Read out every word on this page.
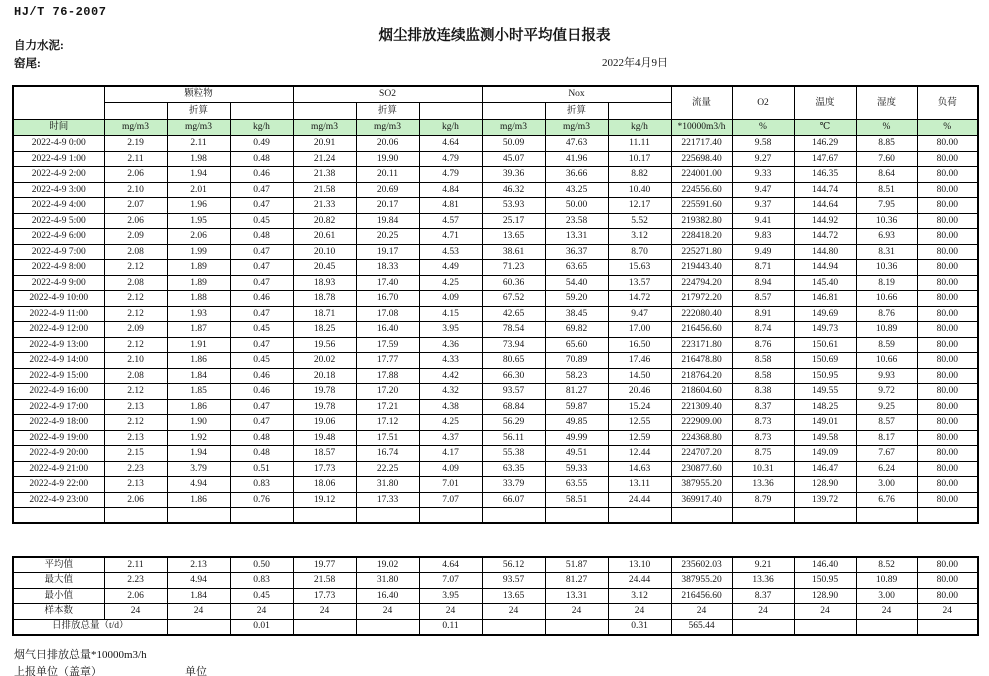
HJ/T 76-2007
烟尘排放连续监测小时平均值日报表
自力水泥:
窑尾:	2022年4月9日
	颗粒物			SO2			Nox			流量	O2	温度	湿度	负荷
		折算			折算			折算						
时间	mg/m3	mg/m3	kg/h	mg/m3	mg/m3	kg/h	mg/m3	mg/m3	kg/h	*10000m3/h	%	℃	%	%
2022-4-9 0:00	2.19	2.11	0.49	20.91	20.06	4.64	50.09	47.63	11.11	221717.40	9.58	146.29	8.85	80.00
2022-4-9 1:00	2.11	1.98	0.48	21.24	19.90	4.79	45.07	41.96	10.17	225698.40	9.27	147.67	7.60	80.00
2022-4-9 2:00	2.06	1.94	0.46	21.38	20.11	4.79	39.36	36.66	8.82	224001.00	9.33	146.35	8.64	80.00
2022-4-9 3:00	2.10	2.01	0.47	21.58	20.69	4.84	46.32	43.25	10.40	224556.60	9.47	144.74	8.51	80.00
2022-4-9 4:00	2.07	1.96	0.47	21.33	20.17	4.81	53.93	50.00	12.17	225591.60	9.37	144.64	7.95	80.00
2022-4-9 5:00	2.06	1.95	0.45	20.82	19.84	4.57	25.17	23.58	5.52	219382.80	9.41	144.92	10.36	80.00
2022-4-9 6:00	2.09	2.06	0.48	20.61	20.25	4.71	13.65	13.31	3.12	228418.20	9.83	144.72	6.93	80.00
2022-4-9 7:00	2.08	1.99	0.47	20.10	19.17	4.53	38.61	36.37	8.70	225271.80	9.49	144.80	8.31	80.00
2022-4-9 8:00	2.12	1.89	0.47	20.45	18.33	4.49	71.23	63.65	15.63	219443.40	8.71	144.94	10.36	80.00
2022-4-9 9:00	2.08	1.89	0.47	18.93	17.40	4.25	60.36	54.40	13.57	224794.20	8.94	145.40	8.19	80.00
2022-4-9 10:00	2.12	1.88	0.46	18.78	16.70	4.09	67.52	59.20	14.72	217972.20	8.57	146.81	10.66	80.00
2022-4-9 11:00	2.12	1.93	0.47	18.71	17.08	4.15	42.65	38.45	9.47	222080.40	8.91	149.69	8.76	80.00
2022-4-9 12:00	2.09	1.87	0.45	18.25	16.40	3.95	78.54	69.82	17.00	216456.60	8.74	149.73	10.89	80.00
2022-4-9 13:00	2.12	1.91	0.47	19.56	17.59	4.36	73.94	65.60	16.50	223171.80	8.76	150.61	8.59	80.00
2022-4-9 14:00	2.10	1.86	0.45	20.02	17.77	4.33	80.65	70.89	17.46	216478.80	8.58	150.69	10.66	80.00
2022-4-9 15:00	2.08	1.84	0.46	20.18	17.88	4.42	66.30	58.23	14.50	218764.20	8.58	150.95	9.93	80.00
2022-4-9 16:00	2.12	1.85	0.46	19.78	17.20	4.32	93.57	81.27	20.46	218604.60	8.38	149.55	9.72	80.00
2022-4-9 17:00	2.13	1.86	0.47	19.78	17.21	4.38	68.84	59.87	15.24	221309.40	8.37	148.25	9.25	80.00
2022-4-9 18:00	2.12	1.90	0.47	19.06	17.12	4.25	56.29	49.85	12.55	222909.00	8.73	149.01	8.57	80.00
2022-4-9 19:00	2.13	1.92	0.48	19.48	17.51	4.37	56.11	49.99	12.59	224368.80	8.73	149.58	8.17	80.00
2022-4-9 20:00	2.15	1.94	0.48	18.57	16.74	4.17	55.38	49.51	12.44	224707.20	8.75	149.09	7.67	80.00
2022-4-9 21:00	2.23	3.79	0.51	17.73	22.25	4.09	63.35	59.33	14.63	230877.60	10.31	146.47	6.24	80.00
2022-4-9 22:00	2.13	4.94	0.83	18.06	31.80	7.01	33.79	63.55	13.11	387955.20	13.36	128.90	3.00	80.00
2022-4-9 23:00	2.06	1.86	0.76	19.12	17.33	7.07	66.07	58.51	24.44	369917.40	8.79	139.72	6.76	80.00

平均值	2.11	2.13	0.50	19.77	19.02	4.64	56.12	51.87	13.10	235602.03	9.21	146.40	8.52	80.00
最大值	2.23	4.94	0.83	21.58	31.80	7.07	93.57	81.27	24.44	387955.20	13.36	150.95	10.89	80.00
最小值	2.06	1.84	0.45	17.73	16.40	3.95	13.65	13.31	3.12	216456.60	8.37	128.90	3.00	80.00
样本数	24	24	24	24	24	24	24	24	24	24	24	24	24	24
日排放总量（t/d）			0.01			0.11			0.31	565.44				
烟气日排放总量*10000m3/h
上报单位（盖章）	单位
